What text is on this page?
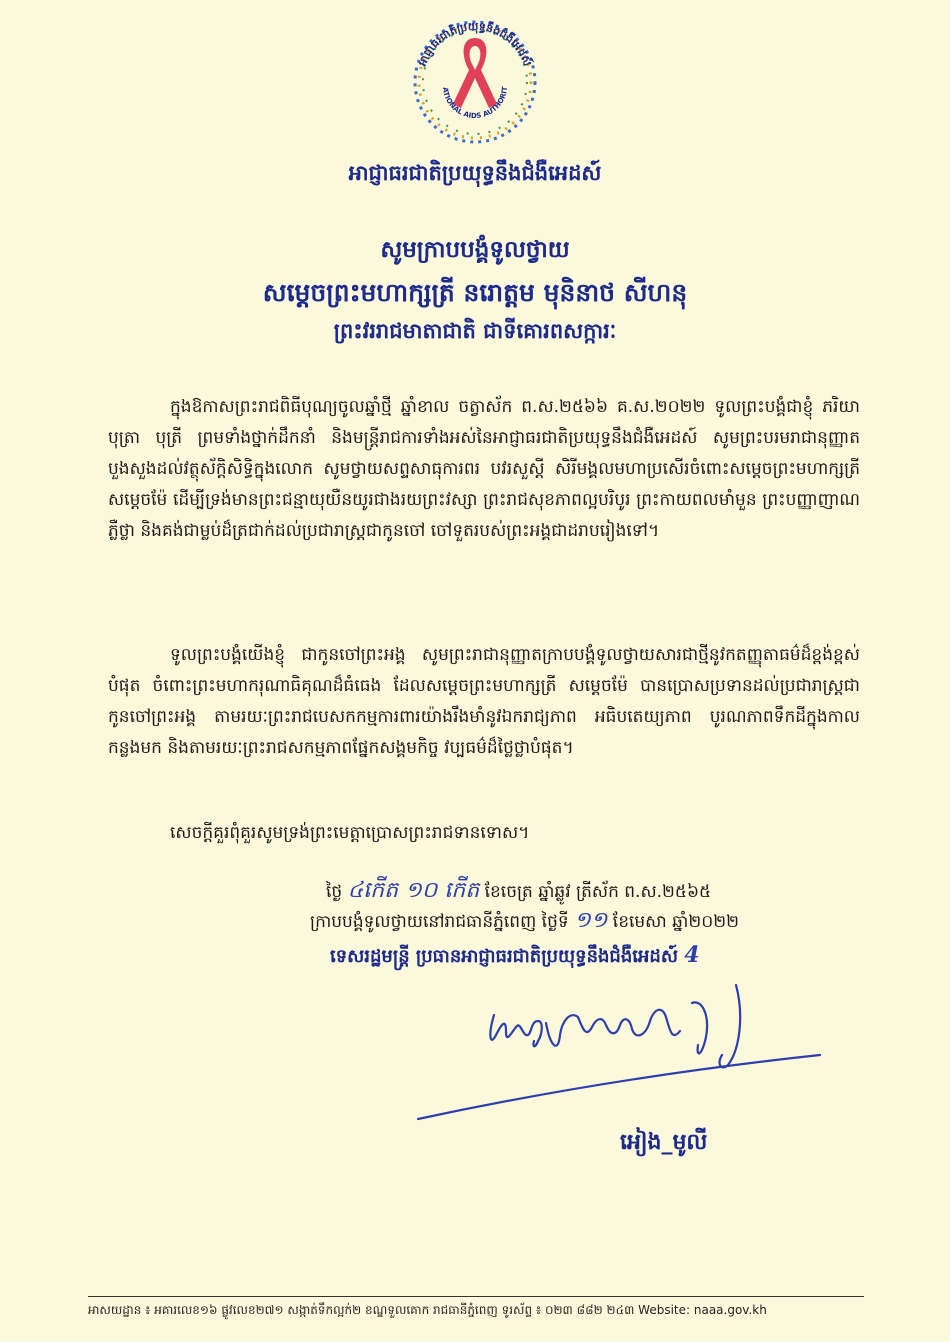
អាជ្ញាធរជាតិប្រយុទ្ធនឹងជំងឺអេដស៍
ATIONAL AIDS AUTHORIT
អាជ្ញាធរជាតិប្រយុទ្ធនឹងជំងឺអេដស៍
សូមក្រាបបង្គំទូលថ្វាយ
សម្តេចព្រះមហាក្សត្រី នរោត្តម មុនិនាថ សីហនុ
ព្រះវររាជមាតាជាតិ ជាទីគោរពសក្ការៈ
ក្នុងឱកាសព្រះរាជពិធីបុណ្យចូលឆ្នាំថ្មី ឆ្នាំខាល ចត្វាស័ក ព.ស.២៥៦៦ គ.ស.២០២២ ទូលព្រះបង្គំជាខ្ញុំ ភរិយា បុត្រា បុត្រី ព្រមទាំងថ្នាក់ដឹកនាំ និងមន្រ្តីរាជការទាំងអស់នៃអាជ្ញាធរជាតិប្រយុទ្ធនឹងជំងឺអេដស៍ សូមព្រះបរមរាជានុញ្ញាតបួងសួងដល់វត្ថុស័ក្តិសិទ្ធិក្នុងលោក សូមថ្វាយសព្ទសាធុការពរ បវរសួស្តី សិរីមង្គលមហាប្រសើរចំពោះសម្តេចព្រះមហាក្សត្រី សម្តេចម៉ែ ដើម្បីទ្រង់មានព្រះជន្មាយុយឺនយូរជាងរយព្រះវស្សា ព្រះរាជសុខភាពល្អបរិបូរ ព្រះកាយពលមាំមួន ព្រះបញ្ញាញាណភ្លឺថ្លា និងគង់ជាម្លប់ដ៏ត្រជាក់ដល់ប្រជារាស្រ្តជាកូនចៅ ចៅទួតរបស់ព្រះអង្គជាដរាបរៀងទៅ។
ទូលព្រះបង្គំយើងខ្ញុំ ជាកូនចៅព្រះអង្គ សូមព្រះរាជានុញ្ញាតក្រាបបង្គំទូលថ្វាយសារជាថ្មីនូវកតញ្ញុតាធម៌ដ៏ខ្ពង់ខ្ពស់បំផុត ចំពោះព្រះមហាករុណាធិគុណដ៏ធំធេង ដែលសម្តេចព្រះមហាក្សត្រី សម្តេចម៉ែ បានប្រោសប្រទានដល់ប្រជារាស្រ្តជាកូនចៅព្រះអង្គ តាមរយៈព្រះរាជបេសកកម្មការពារយ៉ាងរឹងមាំនូវឯករាជ្យភាព អធិបតេយ្យភាព បូរណភាពទឹកដីក្នុងកាលកន្លងមក និងតាមរយៈព្រះរាជសកម្មភាពផ្នែកសង្គមកិច្ច វប្បធម៌ដ៏ថ្លៃថ្លាបំផុត។
សេចក្តីគួរពុំគួរសូមទ្រង់ព្រះមេត្តាប្រោសព្រះរាជទានទោស។
ថ្ងៃ ៤កើត ១០ កើត ខែចេត្រ ឆ្នាំឆ្លូវ ត្រីស័ក ព.ស.២៥៦៥
ក្រាបបង្គំទូលថ្វាយនៅរាជធានីភ្នំពេញ ថ្ងៃទី ១១ ខែមេសា ឆ្នាំ២០២២
ទេសរដ្ឋមន្រ្តី ប្រធានអាជ្ញាធរជាតិប្រយុទ្ធនឹងជំងឺអេដស៍ 4
អៀង_មូលី
អាសយដ្ឋាន ៖ អគារលេខ១៦ ផ្លូវលេខ២៧១ សង្កាត់ទឹកល្អក់២ ខណ្ឌទួលគោក រាជធានីភ្នំពេញ ទូរស័ព្ទ ៖ ០២៣ ៨៨២ ២៤៣ Website: naaa.gov.kh
